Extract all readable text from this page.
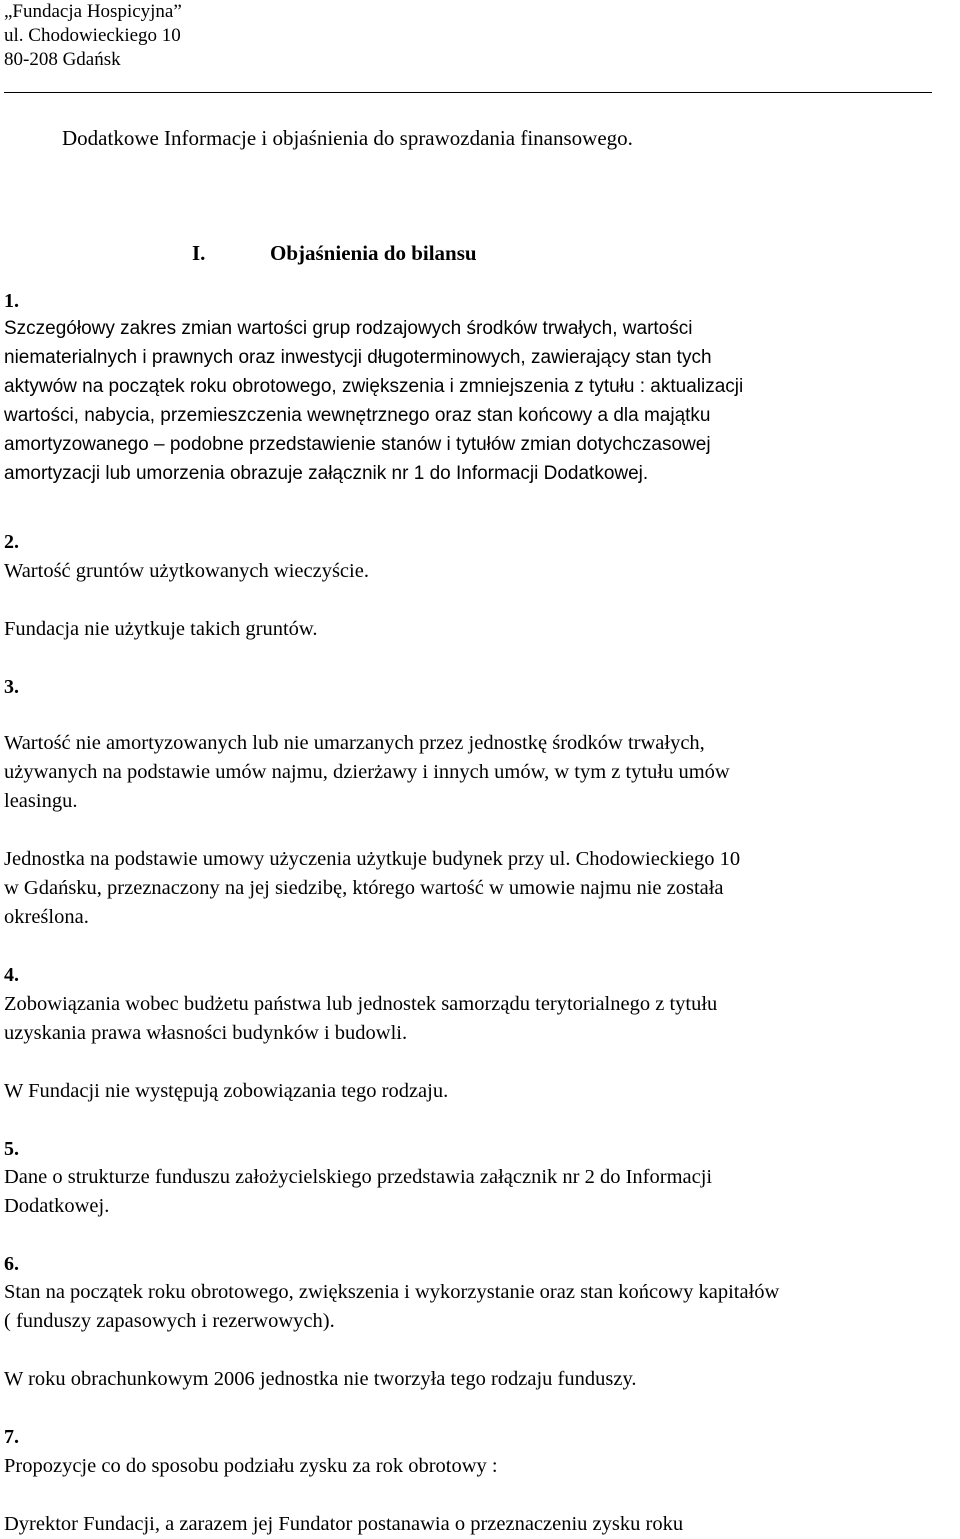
„Fundacja Hospicyjna”
ul. Chodowieckiego 10
80-208 Gdańsk
Dodatkowe Informacje i objaśnienia do sprawozdania finansowego.
I.	Objaśnienia do bilansu
1.
Szczegółowy zakres zmian wartości grup rodzajowych środków trwałych, wartości
niematerialnych i prawnych oraz inwestycji długoterminowych, zawierający stan tych
aktywów na początek roku obrotowego, zwiększenia i zmniejszenia z tytułu : aktualizacji
wartości, nabycia, przemieszczenia wewnętrznego oraz stan końcowy a dla majątku
amortyzowanego – podobne przedstawienie stanów i tytułów zmian dotychczasowej
amortyzacji lub umorzenia obrazuje załącznik nr 1 do Informacji Dodatkowej.
2.
Wartość gruntów użytkowanych wieczyście.
Fundacja nie użytkuje takich gruntów.
3.
Wartość nie amortyzowanych lub nie umarzanych przez jednostkę środków trwałych,
używanych na podstawie umów najmu, dzierżawy i innych umów, w tym z tytułu umów
leasingu.
Jednostka na podstawie umowy użyczenia użytkuje budynek przy ul. Chodowieckiego 10
w Gdańsku, przeznaczony na jej siedzibę, którego wartość w umowie najmu nie została
określona.
4.
Zobowiązania wobec budżetu państwa lub jednostek samorządu terytorialnego z tytułu
uzyskania prawa własności budynków i budowli.
W Fundacji nie występują zobowiązania tego rodzaju.
5.
Dane o strukturze funduszu założycielskiego przedstawia załącznik nr 2 do Informacji
Dodatkowej.
6.
Stan na początek roku obrotowego, zwiększenia i wykorzystanie oraz stan końcowy kapitałów
( funduszy zapasowych i rezerwowych).
W roku obrachunkowym 2006 jednostka nie tworzyła tego rodzaju funduszy.
7.
Propozycje co do sposobu podziału zysku za rok obrotowy :
Dyrektor Fundacji, a zarazem jej Fundator postanawia o przeznaczeniu zysku roku
